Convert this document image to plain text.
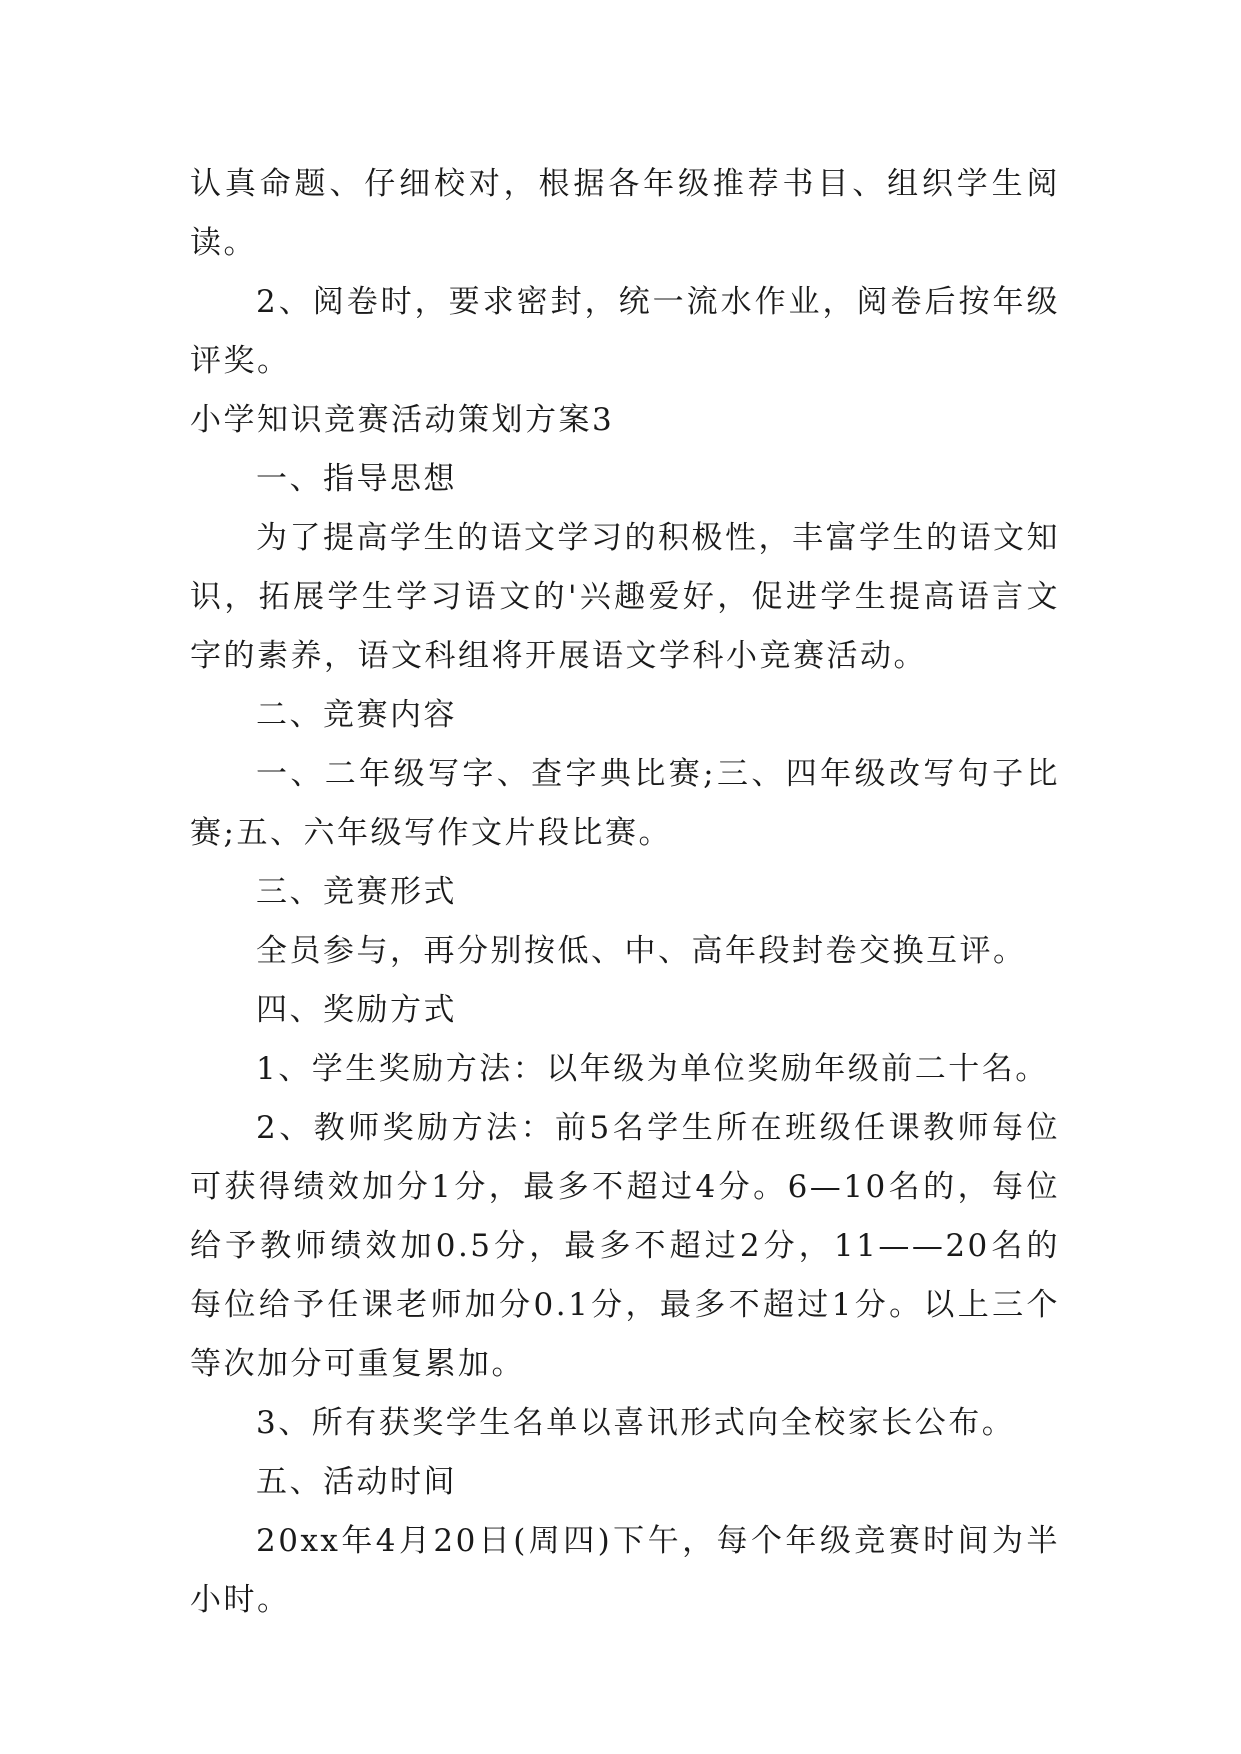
认真命题、仔细校对，根据各年级推荐书目、组织学生阅读。

2、阅卷时，要求密封，统一流水作业，阅卷后按年级评奖。

小学知识竞赛活动策划方案3

一、指导思想

为了提高学生的语文学习的积极性，丰富学生的语文知识，拓展学生学习语文的'兴趣爱好，促进学生提高语言文字的素养，语文科组将开展语文学科小竞赛活动。

二、竞赛内容

一、二年级写字、查字典比赛;三、四年级改写句子比赛;五、六年级写作文片段比赛。

三、竞赛形式

全员参与，再分别按低、中、高年段封卷交换互评。

四、奖励方式

1、学生奖励方法：以年级为单位奖励年级前二十名。

2、教师奖励方法：前5名学生所在班级任课教师每位可获得绩效加分1分，最多不超过4分。6—10名的，每位给予教师绩效加0.5分，最多不超过2分，11——20名的每位给予任课老师加分0.1分，最多不超过1分。以上三个等次加分可重复累加。

3、所有获奖学生名单以喜讯形式向全校家长公布。

五、活动时间

20xx年4月20日(周四)下午，每个年级竞赛时间为半小时。
